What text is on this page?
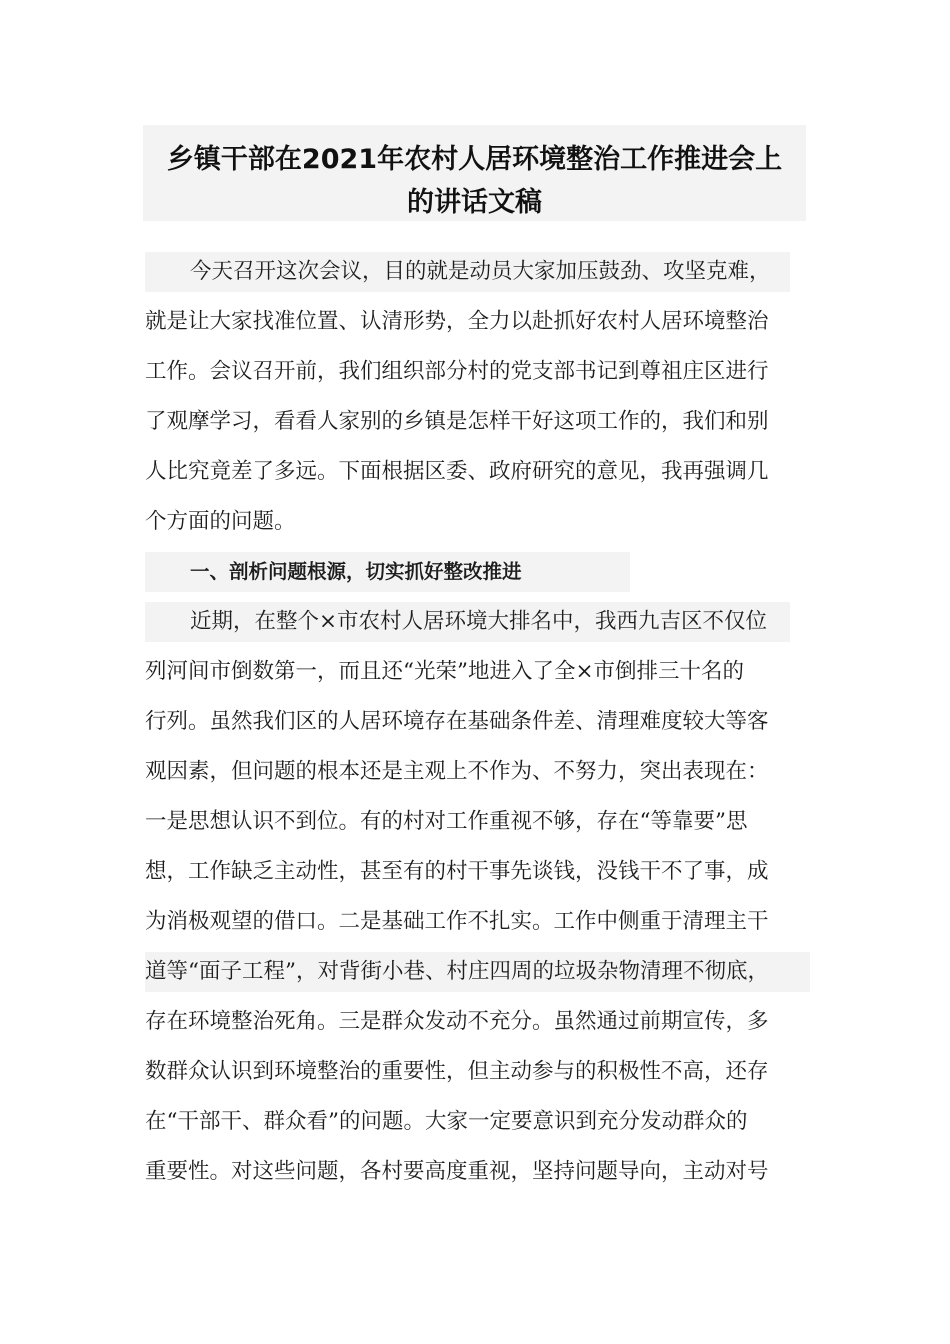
乡镇干部在2021年农村人居环境整治工作推进会上
的讲话文稿
今天召开这次会议，目的就是动员大家加压鼓劲、攻坚克难，
就是让大家找准位置、认清形势，全力以赴抓好农村人居环境整治
工作。会议召开前，我们组织部分村的党支部书记到尊祖庄区进行
了观摩学习，看看人家别的乡镇是怎样干好这项工作的，我们和别
人比究竟差了多远。下面根据区委、政府研究的意见，我再强调几
个方面的问题。
一、剖析问题根源，切实抓好整改推进
近期，在整个×市农村人居环境大排名中，我西九吉区不仅位
列河间市倒数第一，而且还“光荣”地进入了全×市倒排三十名的
行列。虽然我们区的人居环境存在基础条件差、清理难度较大等客
观因素，但问题的根本还是主观上不作为、不努力，突出表现在：
一是思想认识不到位。有的村对工作重视不够，存在“等靠要”思
想，工作缺乏主动性，甚至有的村干事先谈钱，没钱干不了事，成
为消极观望的借口。二是基础工作不扎实。工作中侧重于清理主干
道等“面子工程”，对背街小巷、村庄四周的垃圾杂物清理不彻底，
存在环境整治死角。三是群众发动不充分。虽然通过前期宣传，多
数群众认识到环境整治的重要性，但主动参与的积极性不高，还存
在“干部干、群众看”的问题。大家一定要意识到充分发动群众的
重要性。对这些问题，各村要高度重视，坚持问题导向，主动对号
